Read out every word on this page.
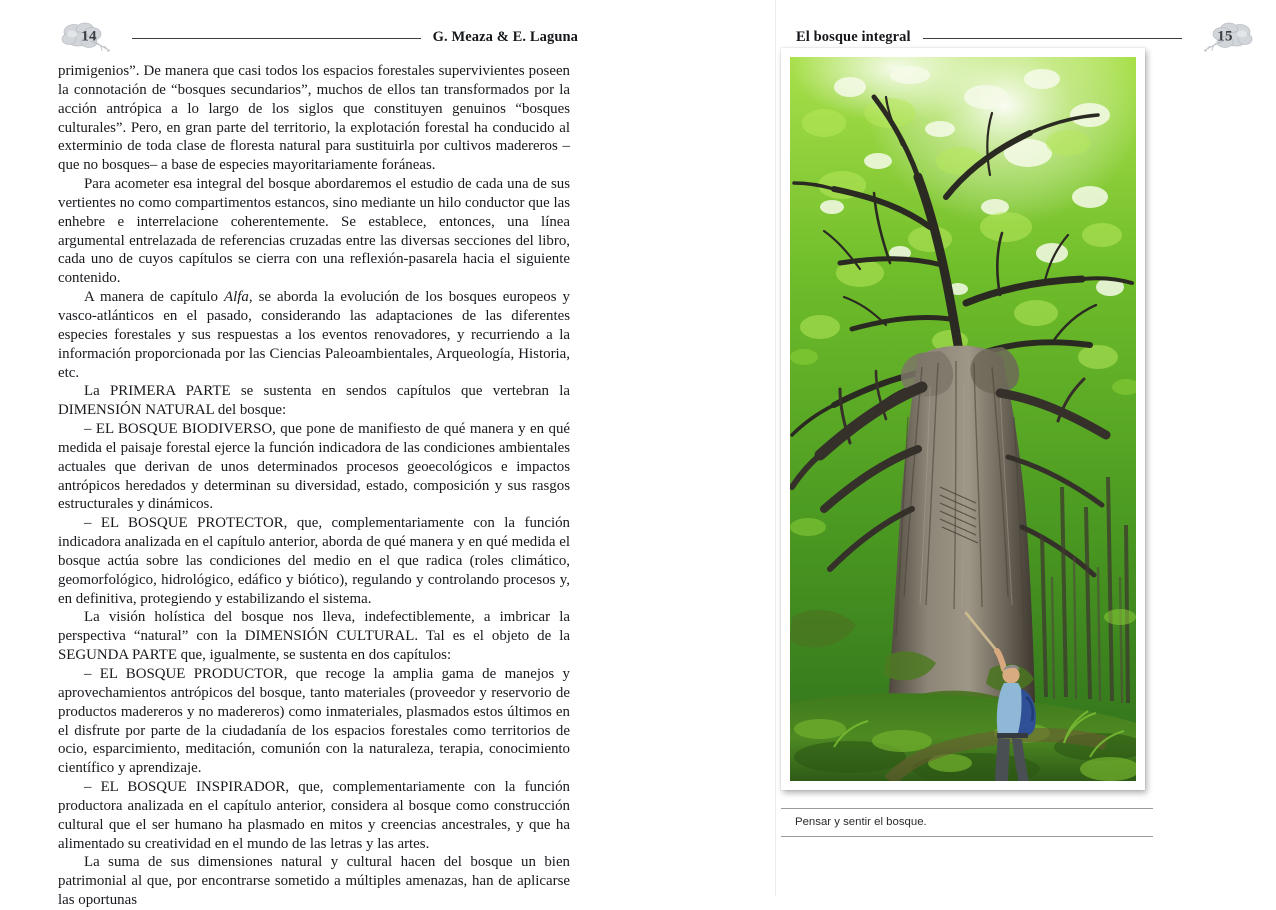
14	G. Meaza & E. Laguna

primigenios”. De manera que casi todos los espacios forestales supervivientes poseen la connotación de “bosques secundarios”, muchos de ellos tan transformados por la acción antrópica a lo largo de los siglos que constituyen genuinos “bosques culturales”. Pero, en gran parte del territorio, la explotación forestal ha conducido al exterminio de toda clase de floresta natural para sustituirla por cultivos madereros –que no bosques– a base de especies mayoritariamente foráneas.

Para acometer esa integral del bosque abordaremos el estudio de cada una de sus vertientes no como compartimentos estancos, sino mediante un hilo conductor que las enhebre e interrelacione coherentemente. Se establece, entonces, una línea argumental entrelazada de referencias cruzadas entre las diversas secciones del libro, cada uno de cuyos capítulos se cierra con una reflexión-pasarela hacia el siguiente contenido.

A manera de capítulo Alfa, se aborda la evolución de los bosques europeos y vasco-atlánticos en el pasado, considerando las adaptaciones de las diferentes especies forestales y sus respuestas a los eventos renovadores, y recurriendo a la información proporcionada por las Ciencias Paleoambientales, Arqueología, Historia, etc.

La PRIMERA PARTE se sustenta en sendos capítulos que vertebran la DIMENSIÓN NATURAL del bosque:

– EL BOSQUE BIODIVERSO, que pone de manifiesto de qué manera y en qué medida el paisaje forestal ejerce la función indicadora de las condiciones ambientales actuales que derivan de unos determinados procesos geoecológicos e impactos antrópicos heredados y determinan su diversidad, estado, composición y sus rasgos estructurales y dinámicos.

– EL BOSQUE PROTECTOR, que, complementariamente con la función indicadora analizada en el capítulo anterior, aborda de qué manera y en qué medida el bosque actúa sobre las condiciones del medio en el que radica (roles climático, geomorfológico, hidrológico, edáfico y biótico), regulando y controlando procesos y, en definitiva, protegiendo y estabilizando el sistema.

La visión holística del bosque nos lleva, indefectiblemente, a imbricar la perspectiva “natural” con la DIMENSIÓN CULTURAL. Tal es el objeto de la SEGUNDA PARTE que, igualmente, se sustenta en dos capítulos:

– EL BOSQUE PRODUCTOR, que recoge la amplia gama de manejos y aprovechamientos antrópicos del bosque, tanto materiales (proveedor y reservorio de productos madereros y no madereros) como inmateriales, plasmados estos últimos en el disfrute por parte de la ciudadanía de los espacios forestales como territorios de ocio, esparcimiento, meditación, comunión con la naturaleza, terapia, conocimiento científico y aprendizaje.

– EL BOSQUE INSPIRADOR, que, complementariamente con la función productora analizada en el capítulo anterior, considera al bosque como construcción cultural que el ser humano ha plasmado en mitos y creencias ancestrales, y que ha alimentado su creatividad en el mundo de las letras y las artes.

La suma de sus dimensiones natural y cultural hacen del bosque un bien patrimonial al que, por encontrarse sometido a múltiples amenazas, han de aplicarse las oportunas

El bosque integral	15
Pensar y sentir el bosque.
